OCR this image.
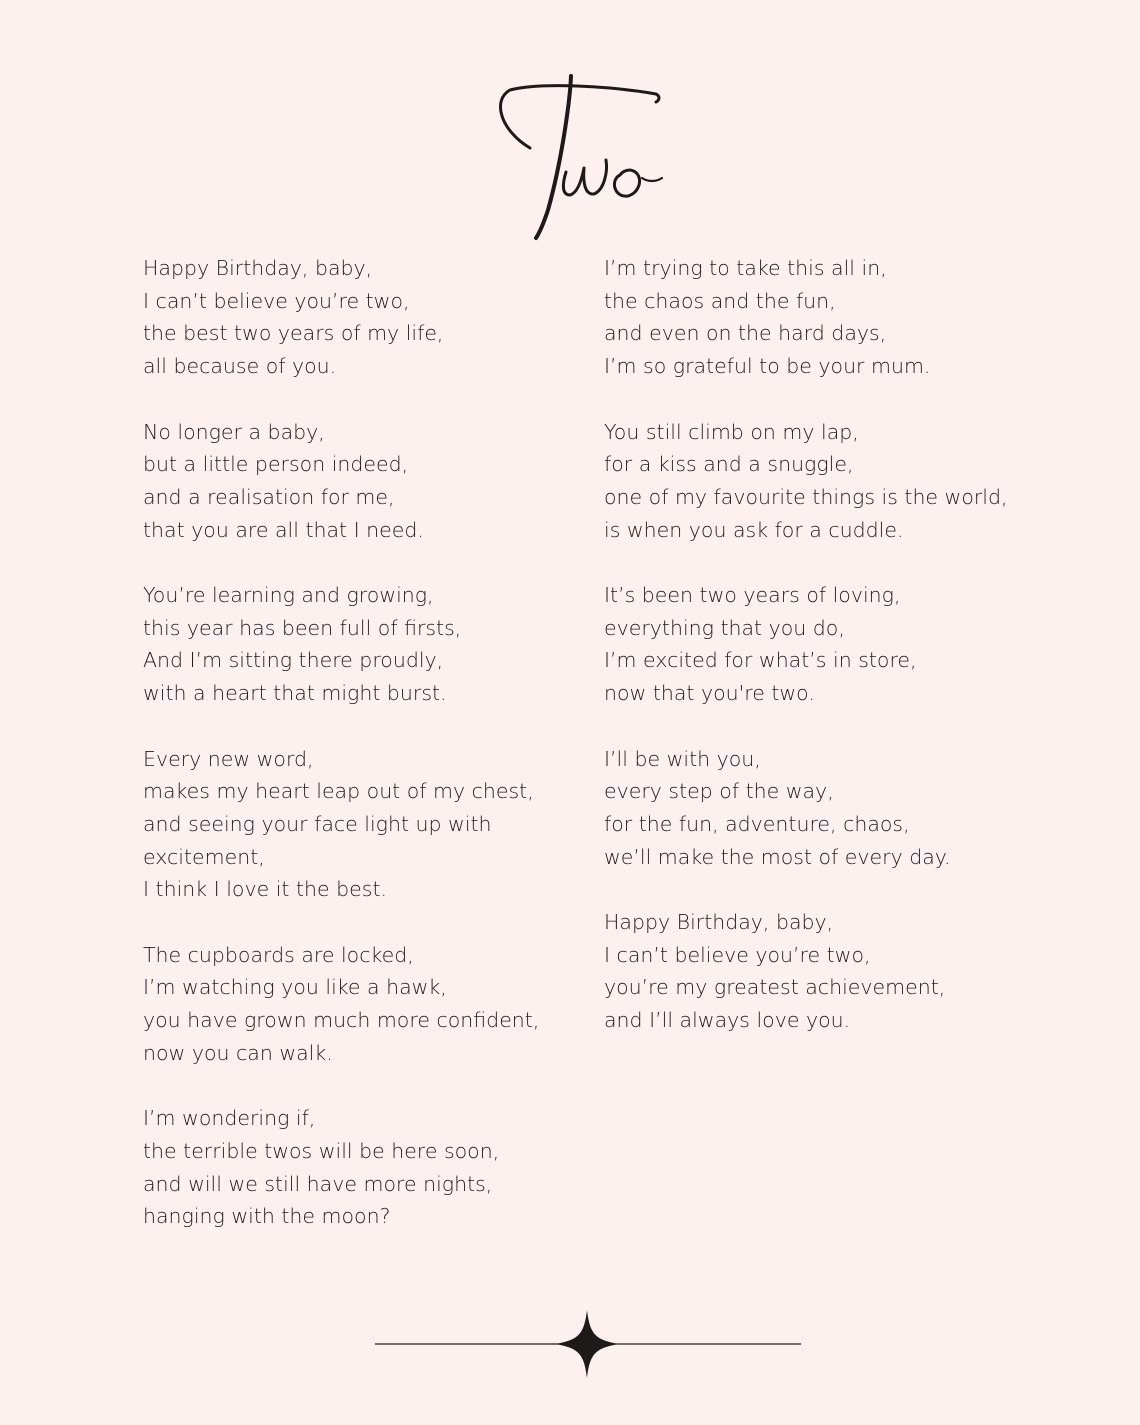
Two
Happy Birthday, baby,
I can’t believe you’re two,
the best two years of my life,
all because of you.
No longer a baby,
but a little person indeed,
and a realisation for me,
that you are all that I need.
You’re learning and growing,
this year has been full of firsts,
And I’m sitting there proudly,
with a heart that might burst.
Every new word,
makes my heart leap out of my chest,
and seeing your face light up with
excitement,
I think I love it the best.
The cupboards are locked,
I’m watching you like a hawk,
you have grown much more confident,
now you can walk.
I’m wondering if,
the terrible twos will be here soon,
and will we still have more nights,
hanging with the moon?
I’m trying to take this all in,
the chaos and the fun,
and even on the hard days,
I’m so grateful to be your mum.
You still climb on my lap,
for a kiss and a snuggle,
one of my favourite things is the world,
is when you ask for a cuddle.
It’s been two years of loving,
everything that you do,
I’m excited for what’s in store,
now that you're two.
I’ll be with you,
every step of the way,
for the fun, adventure, chaos,
we’ll make the most of every day.
Happy Birthday, baby,
I can’t believe you’re two,
you’re my greatest achievement,
and I’ll always love you.
